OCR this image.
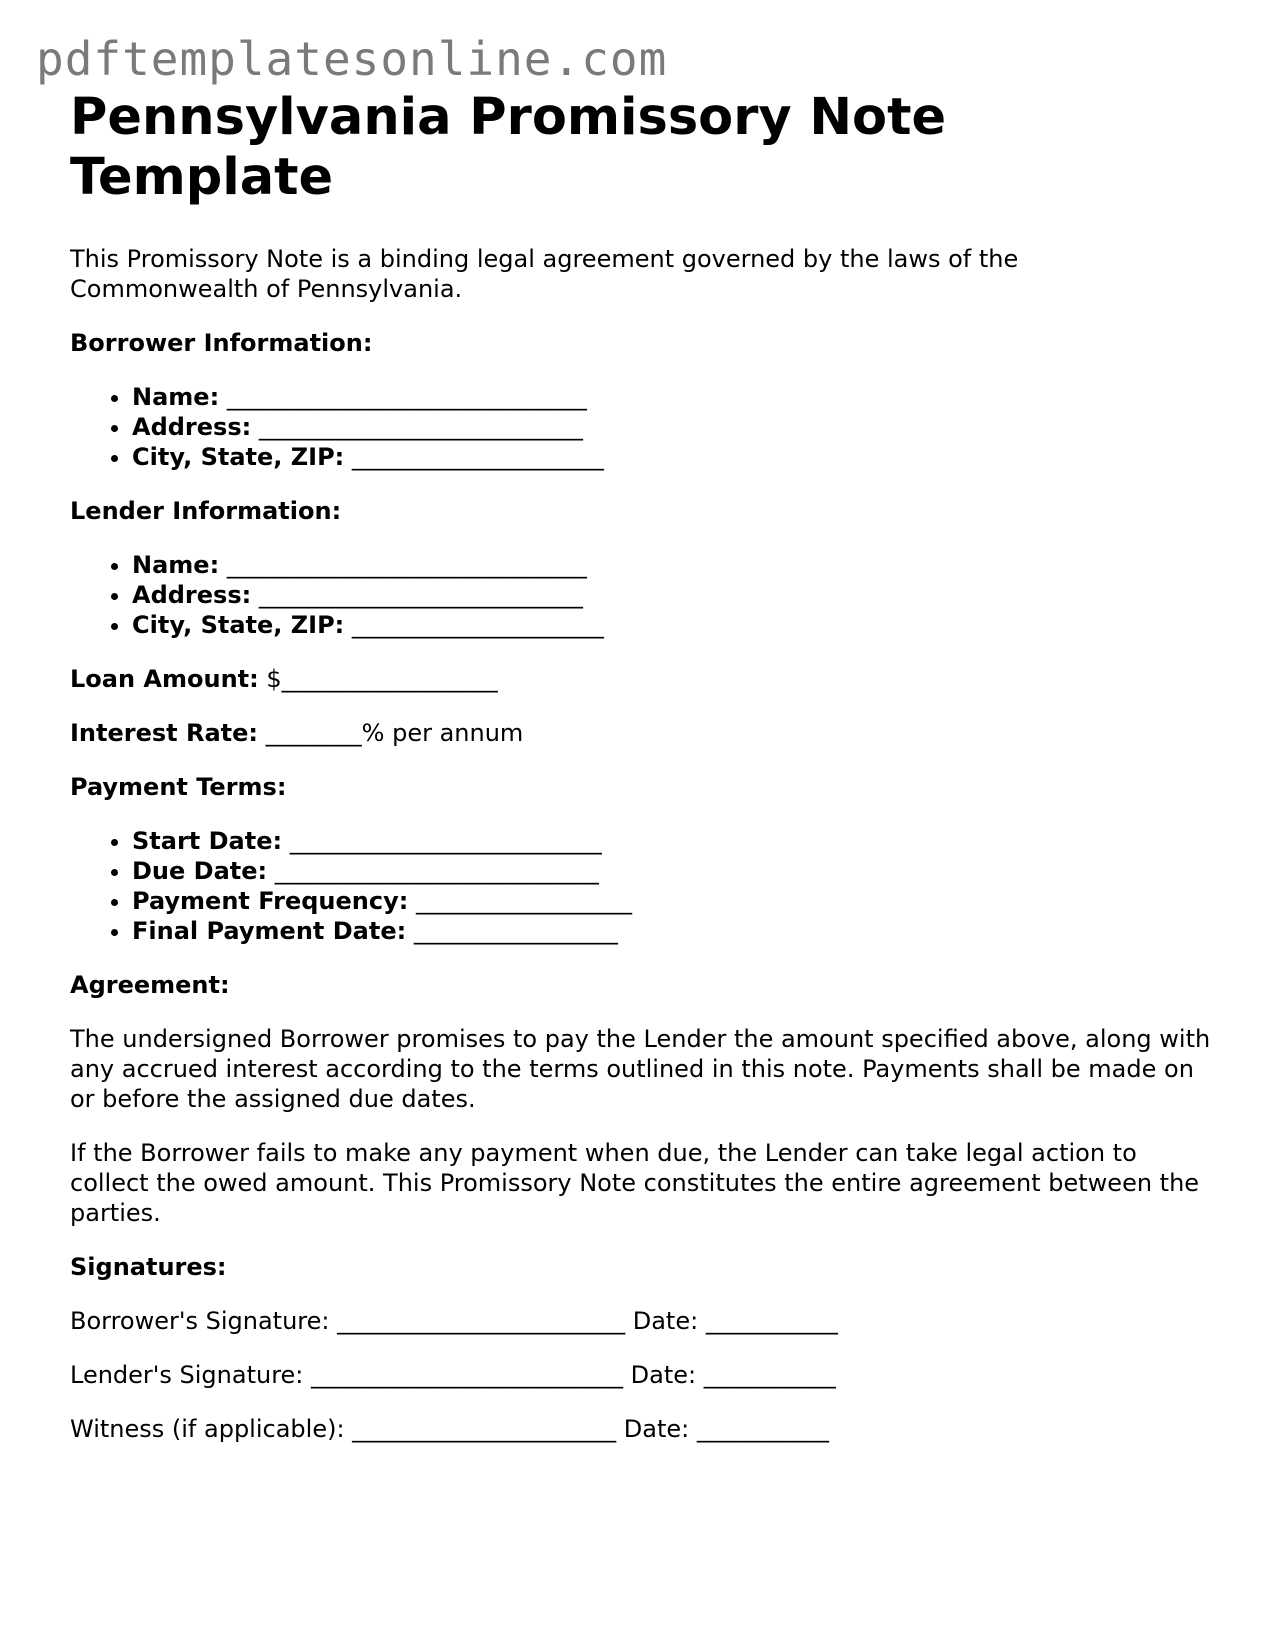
pdftemplatesonline.com
Pennsylvania Promissory Note Template

This Promissory Note is a binding legal agreement governed by the laws of the Commonwealth of Pennsylvania.

Borrower Information:

• Name: ______________________________
• Address: ___________________________
• City, State, ZIP: _____________________

Lender Information:

• Name: ______________________________
• Address: ___________________________
• City, State, ZIP: _____________________

Loan Amount: $__________________

Interest Rate: ________% per annum

Payment Terms:

• Start Date: __________________________
• Due Date: ___________________________
• Payment Frequency: __________________
• Final Payment Date: _________________

Agreement:

The undersigned Borrower promises to pay the Lender the amount specified above, along with any accrued interest according to the terms outlined in this note. Payments shall be made on or before the assigned due dates.

If the Borrower fails to make any payment when due, the Lender can take legal action to collect the owed amount. This Promissory Note constitutes the entire agreement between the parties.

Signatures:

Borrower's Signature: ________________________ Date: ___________

Lender's Signature: __________________________ Date: ___________

Witness (if applicable): ______________________ Date: ___________
